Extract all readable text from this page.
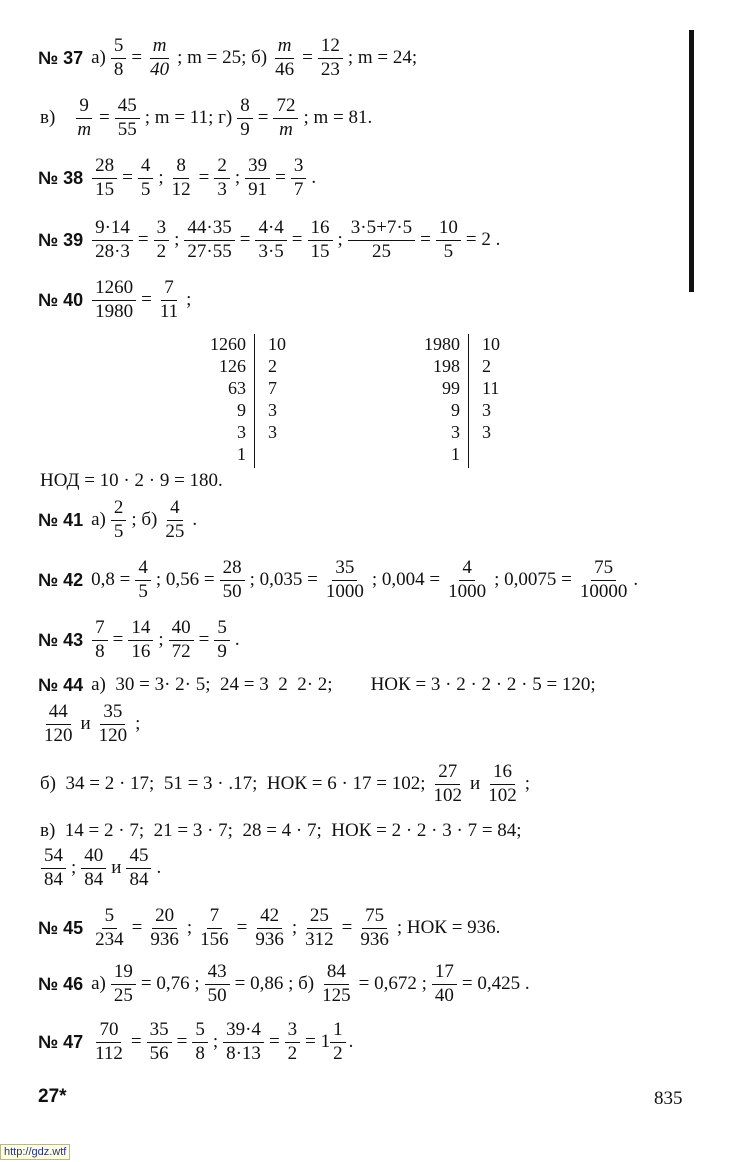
№ 37 $а) \frac{5}{8} = \frac{m}{40}$ ; m = 25; $б) \frac{m}{46} = \frac{12}{23}$ ; m = 24;
$в) \frac{9}{m} = \frac{45}{55}$ ; m = 11; $г) \frac{8}{9} = \frac{72}{m}$ ; m = 81.
№ $38 \frac{28}{15} = \frac{4}{5}$ ; $\frac{8}{12} = \frac{2}{3}$ ; $\frac{39}{91} = \frac{3}{7}$ .
№ $39 \frac{9\cdot 14}{28\cdot 3} = \frac{3}{2}$ ; $\frac{44\cdot 35}{27\cdot 55} = \frac{4\cdot 4}{3\cdot 5} = \frac{16}{15}$ ; $\frac{3\cdot 5+7\cdot 5}{25} = \frac{10}{5} = 2$ .
№ $40 \frac{1260}{1980} = \frac{7}{11}$ ;
1260	10
126	2
63	7
9	3
3	3
1
1980	10
198	2
99	11
9	3
3	3
1
НОД = 10 · 2 · 9 = 180.
№ 41 $а) \frac{2}{5}$ ; $б) \frac{4}{25}$ .
№ 42 $0,8 = \frac{4}{5}$ ; $0,56 = \frac{28}{50}$ ; $0,035 = \frac{35}{1000}$ ; $0,004 = \frac{4}{1000}$ ; $0,0075 = \frac{75}{10000}$ .
№ $43 \frac{7}{8} = \frac{14}{16}$ ; $\frac{40}{72} = \frac{5}{9}$ .
№ 44 а)  30 = 3· 2· 5;  24 = 3  2  2· 2;        НОК = 3 · 2 · 2 · 2 · 5 = 120;
$\frac{44}{120}$ и $\frac{35}{120}$ ;
б)  34 = 2 · 17;  51 = 3 · .17;  НОК = 6 · 17 = 102; $\frac{27}{102}$ и $\frac{16}{102}$ ;
в)  14 = 2 · 7;  21 = 3 · 7;  28 = 4 · 7;  НОК = 2 · 2 · 3 · 7 = 84;
$\frac{54}{84}$ ; $\frac{40}{84}$ и $\frac{45}{84}$ .
№ $45 \frac{5}{234} = \frac{20}{936}$ ; $\frac{7}{156} = \frac{42}{936}$ ; $\frac{25}{312} = \frac{75}{936}$ ; НОК = 936.
№ 46 $а) \frac{19}{25} = 0,76$ ; $\frac{43}{50} = 0,86$ ; $б) \frac{84}{125} = 0,672$ ; $\frac{17}{40} = 0,425$ .
№ $47 \frac{70}{112} = \frac{35}{56} = \frac{5}{8}$ ; $\frac{39\cdot 4}{8\cdot 13} = \frac{3}{2} = 1 \frac{1}{2}$ .
27*	835
http://gdz.wtf
